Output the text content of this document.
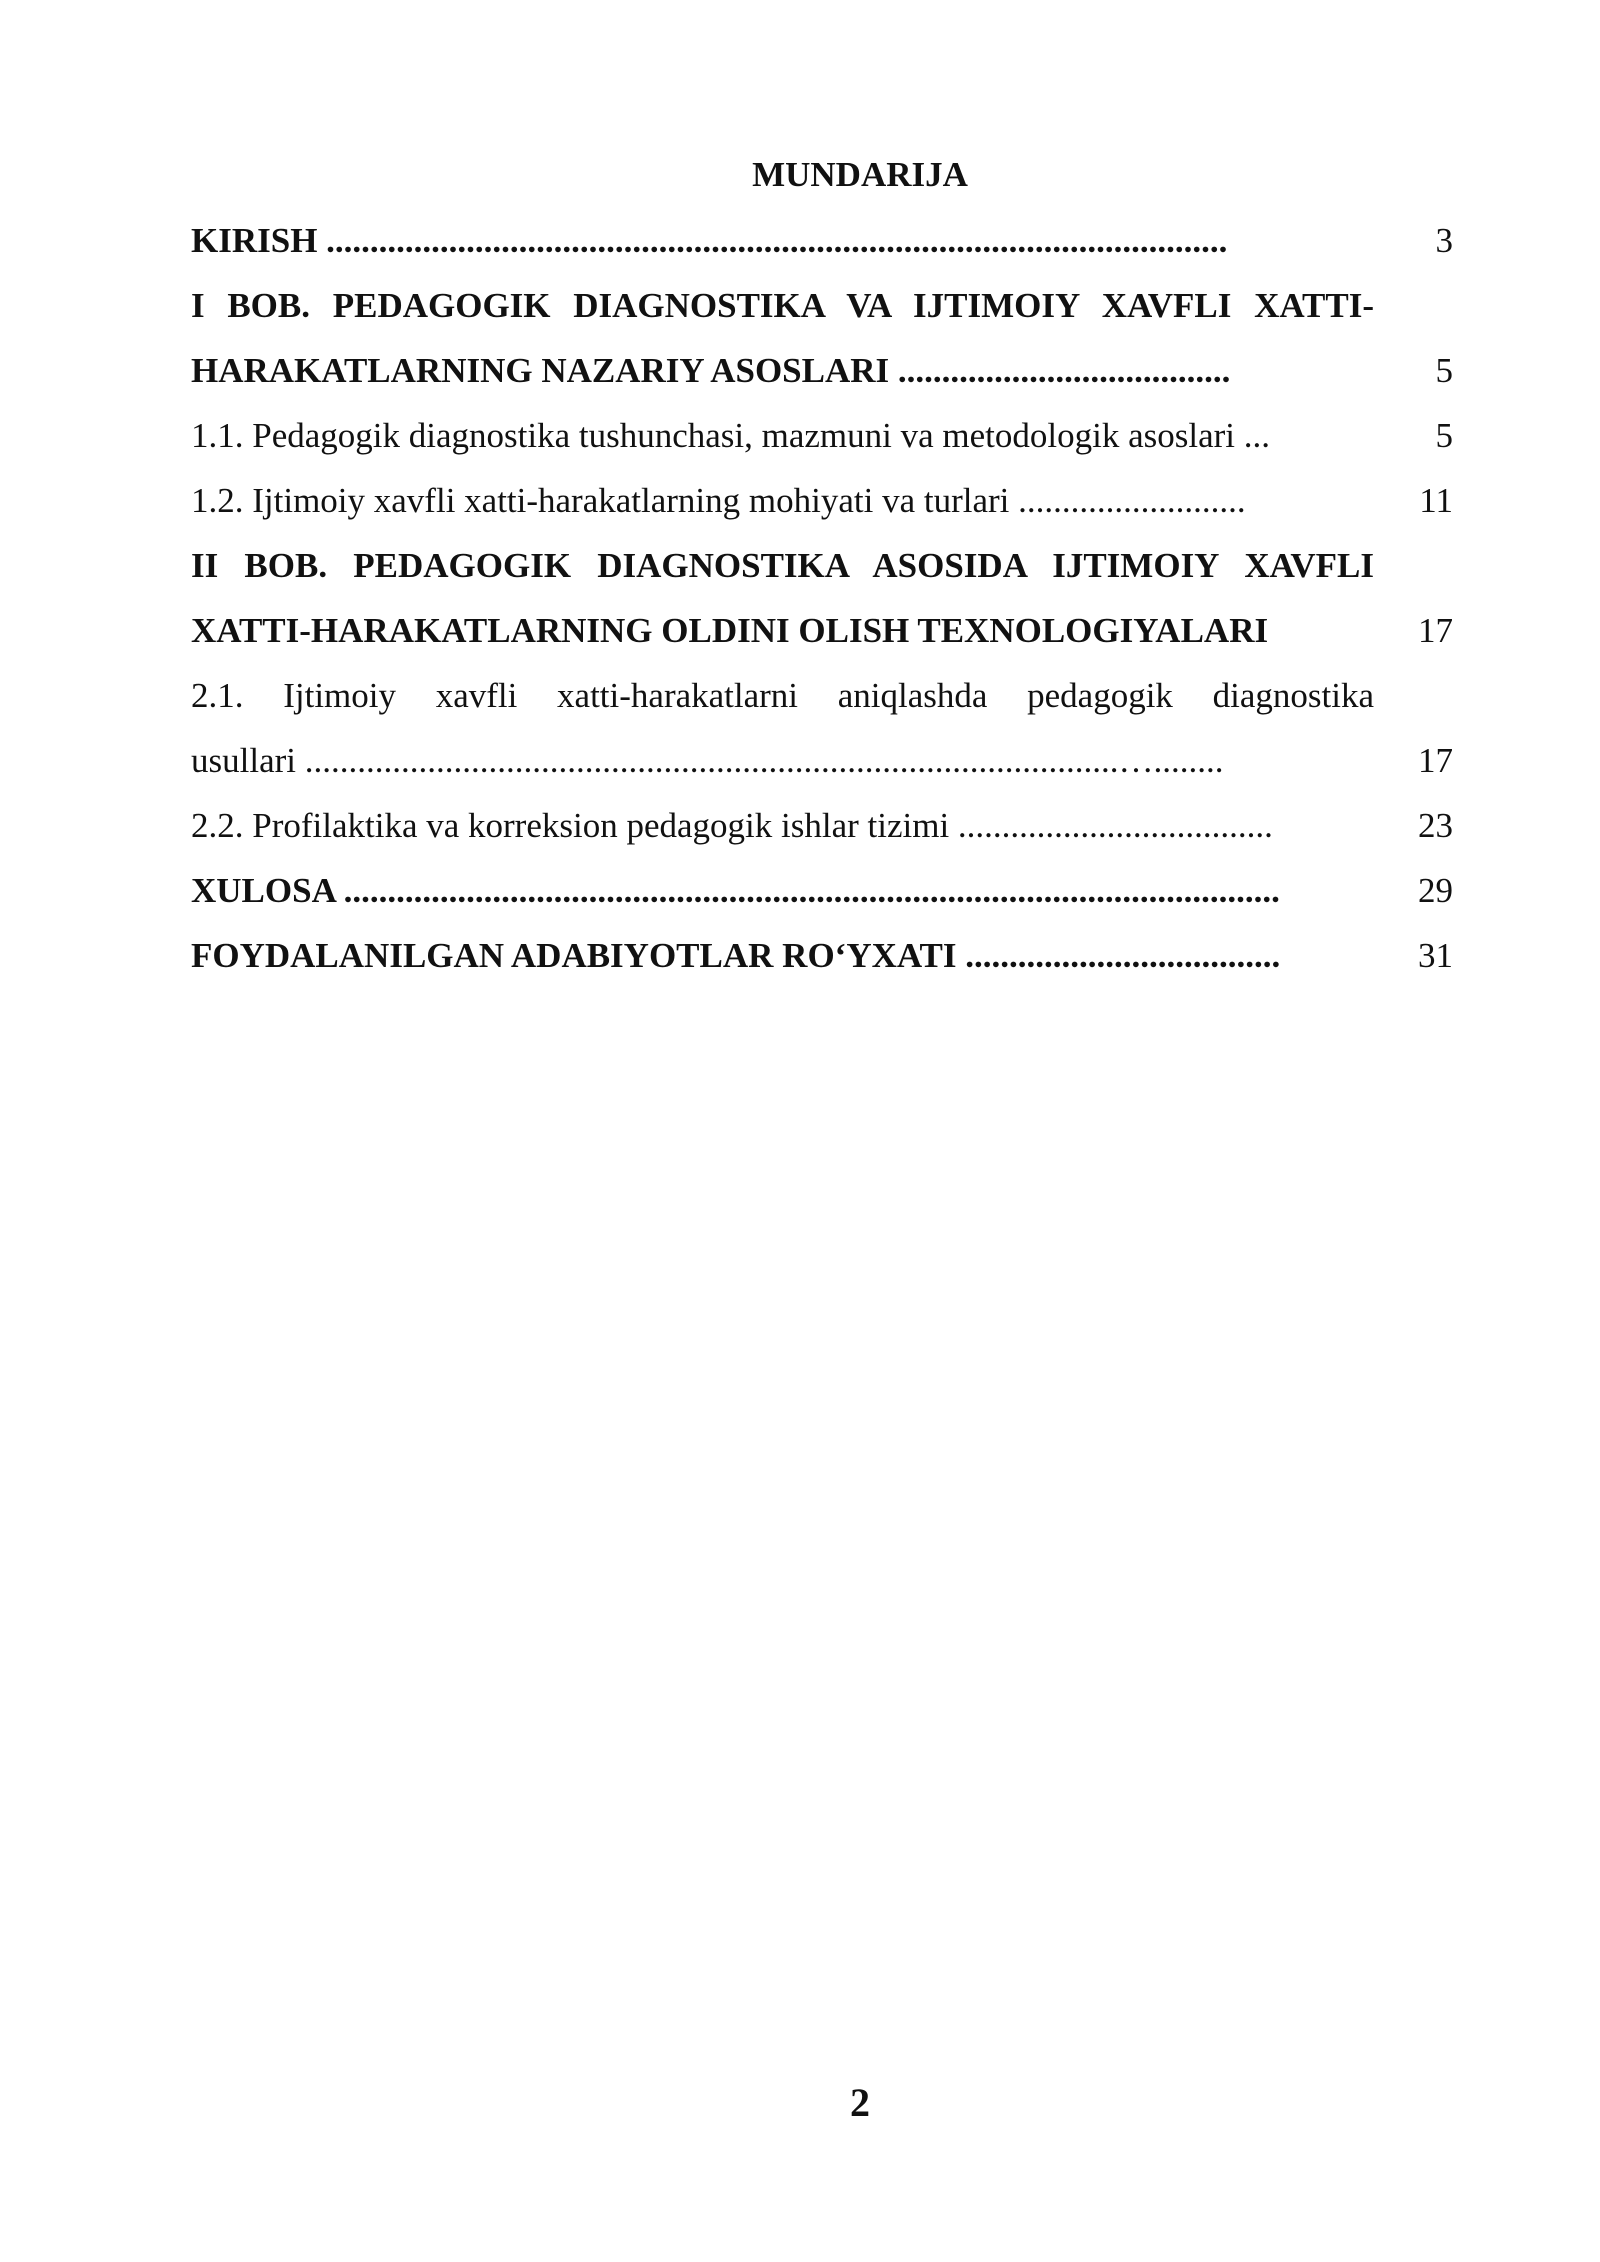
MUNDARIJA
KIRISH .......................................................................................................	3
I BOB. PEDAGOGIK DIAGNOSTIKA VA IJTIMOIY XAVFLI XATTI-
HARAKATLARNING NAZARIY ASOSLARI ......................................	5
1.1. Pedagogik diagnostika tushunchasi, mazmuni va metodologik asoslari ...	5
1.2. Ijtimoiy xavfli xatti-harakatlarning mohiyati va turlari ..........................	11
II BOB. PEDAGOGIK DIAGNOSTIKA ASOSIDA IJTIMOIY XAVFLI
XATTI-HARAKATLARNING OLDINI OLISH TEXNOLOGIYALARI	17
2.1. Ijtimoiy xavfli xatti-harakatlarni aniqlashda pedagogik diagnostika
usullari .............................................................................................…........	17
2.2. Profilaktika va korreksion pedagogik ishlar tizimi ....................................	23
XULOSA ...........................................................................................................	29
FOYDALANILGAN ADABIYOTLAR RO‘YXATI ....................................	31
2
